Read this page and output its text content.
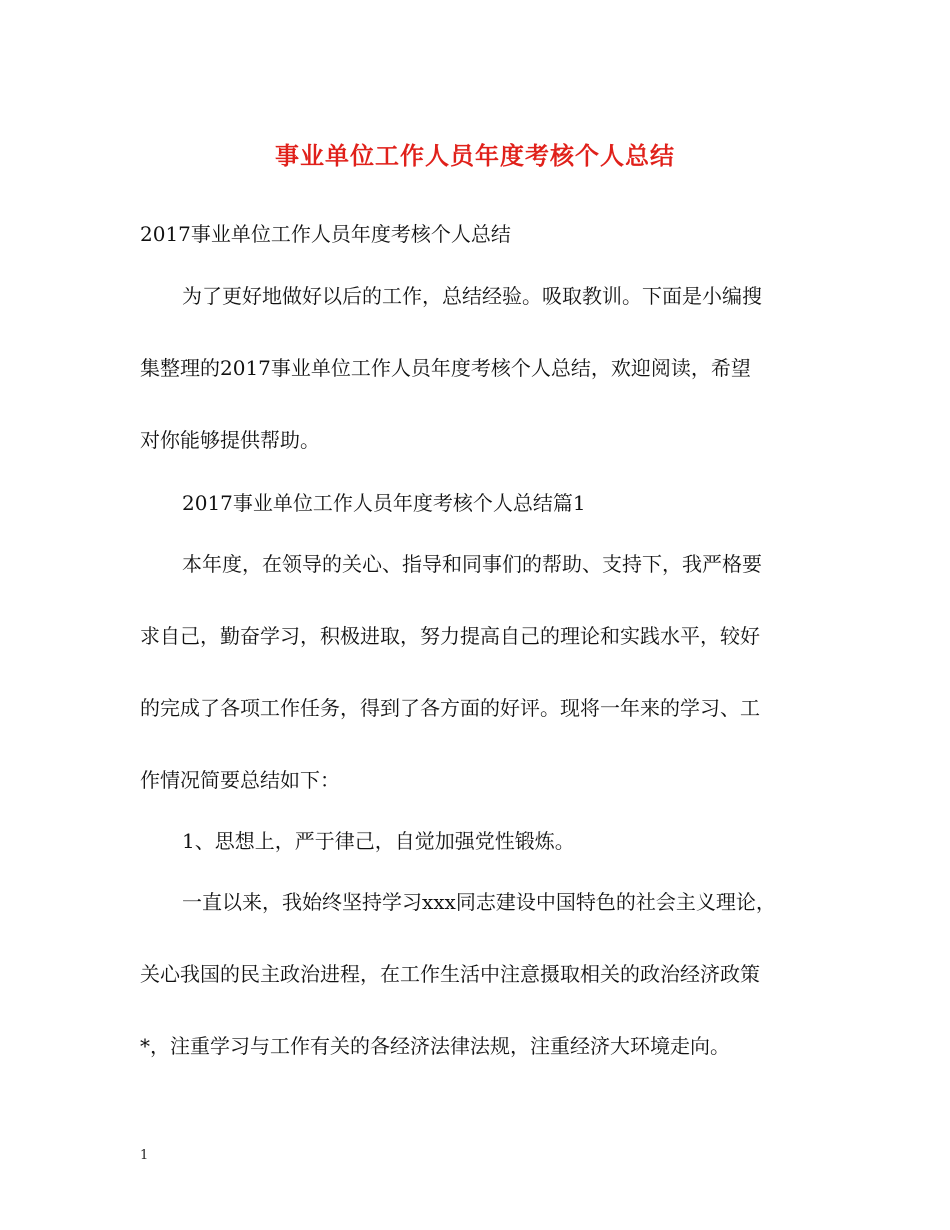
事业单位工作人员年度考核个人总结
2017事业单位工作人员年度考核个人总结
为了更好地做好以后的工作，总结经验。吸取教训。下面是小编搜
集整理的2017事业单位工作人员年度考核个人总结，欢迎阅读，希望
对你能够提供帮助。
2017事业单位工作人员年度考核个人总结篇1
本年度，在领导的关心、指导和同事们的帮助、支持下，我严格要
求自己，勤奋学习，积极进取，努力提高自己的理论和实践水平，较好
的完成了各项工作任务，得到了各方面的好评。现将一年来的学习、工
作情况简要总结如下：
1、思想上，严于律己，自觉加强党性锻炼。
一直以来，我始终坚持学习xxx同志建设中国特色的社会主义理论，
关心我国的民主政治进程，在工作生活中注意摄取相关的政治经济政策
*，注重学习与工作有关的各经济法律法规，注重经济大环境走向。
1
